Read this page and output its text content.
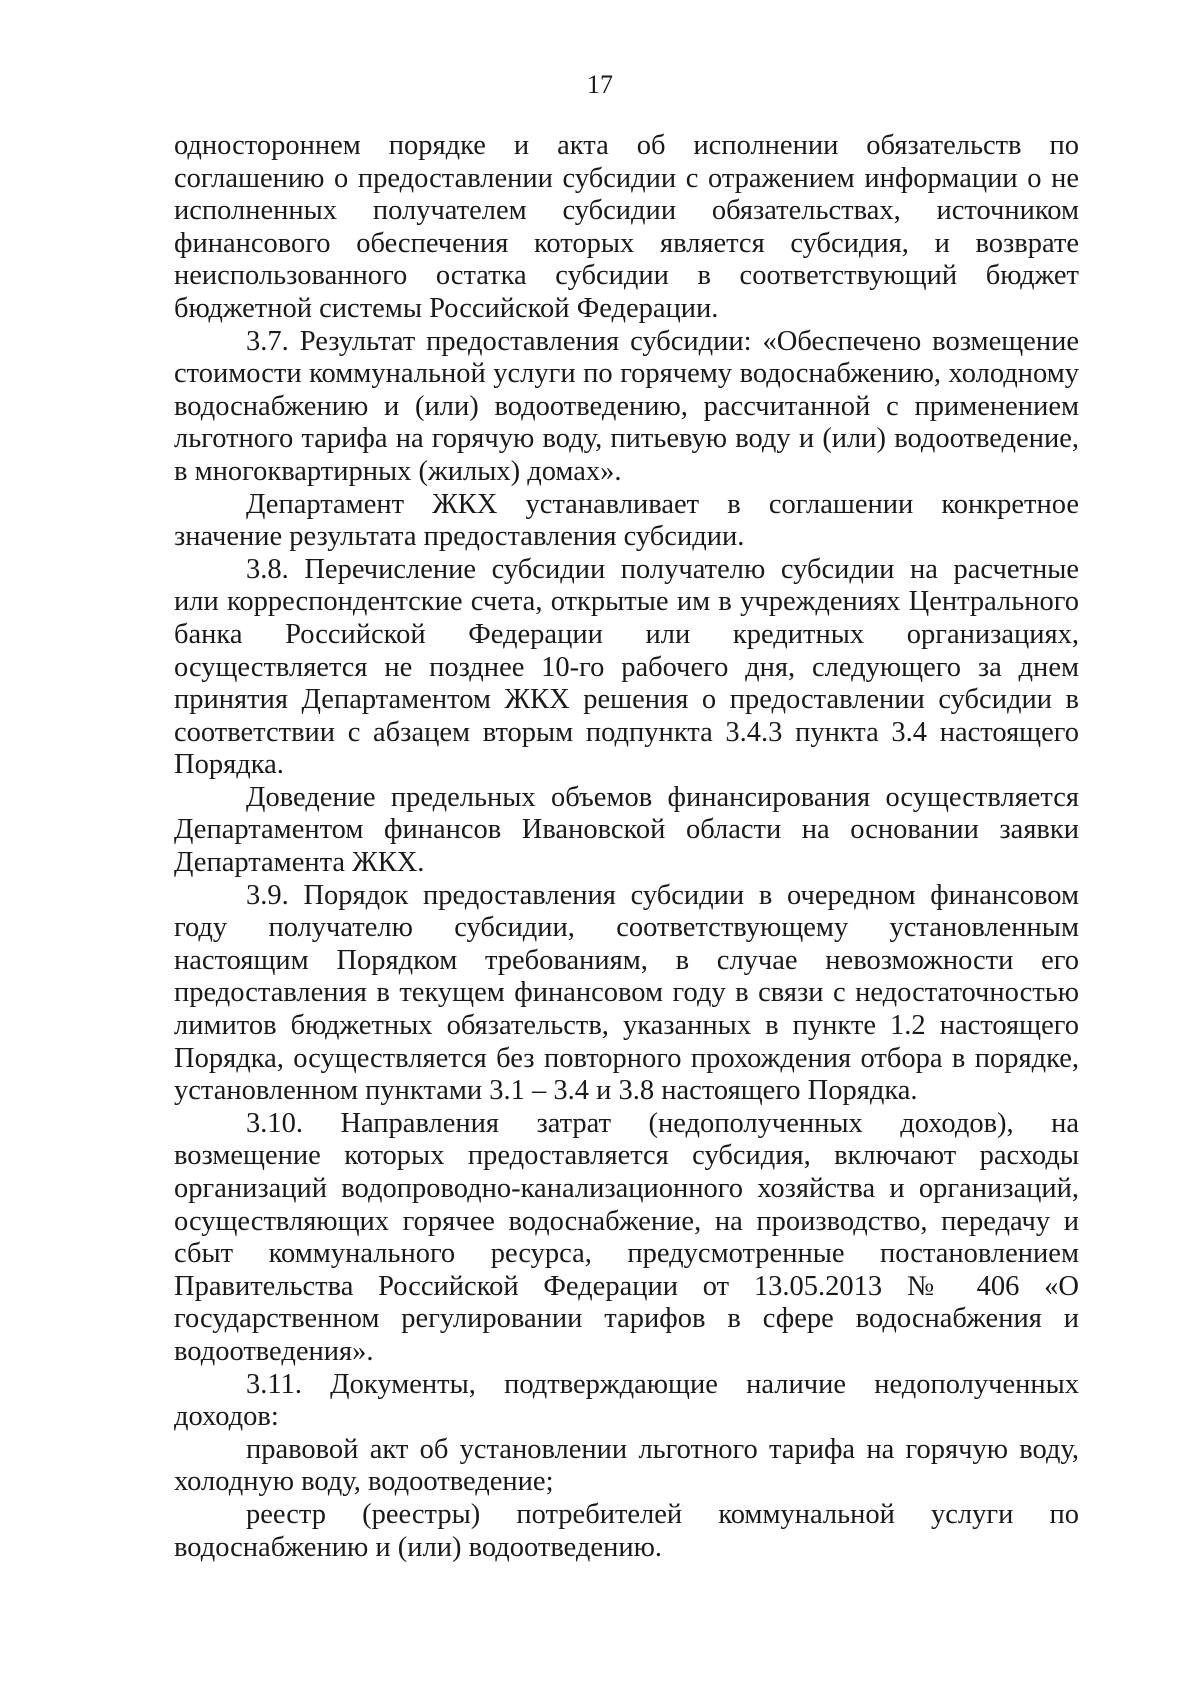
17

одностороннем порядке и акта об исполнении обязательств по соглашению о предоставлении субсидии с отражением информации о не исполненных получателем субсидии обязательствах, источником финансового обеспечения которых является субсидия, и возврате неиспользованного остатка субсидии в соответствующий бюджет бюджетной системы Российской Федерации.

3.7. Результат предоставления субсидии: «Обеспечено возмещение стоимости коммунальной услуги по горячему водоснабжению, холодному водоснабжению и (или) водоотведению, рассчитанной с применением льготного тарифа на горячую воду, питьевую воду и (или) водоотведение, в многоквартирных (жилых) домах».

Департамент ЖКХ устанавливает в соглашении конкретное значение результата предоставления субсидии.

3.8. Перечисление субсидии получателю субсидии на расчетные или корреспондентские счета, открытые им в учреждениях Центрального банка Российской Федерации или кредитных организациях, осуществляется не позднее 10-го рабочего дня, следующего за днем принятия Департаментом ЖКХ решения о предоставлении субсидии в соответствии с абзацем вторым подпункта 3.4.3 пункта 3.4 настоящего Порядка.

Доведение предельных объемов финансирования осуществляется Департаментом финансов Ивановской области на основании заявки Департамента ЖКХ.

3.9. Порядок предоставления субсидии в очередном финансовом году получателю субсидии, соответствующему установленным настоящим Порядком требованиям, в случае невозможности его предоставления в текущем финансовом году в связи с недостаточностью лимитов бюджетных обязательств, указанных в пункте 1.2 настоящего Порядка, осуществляется без повторного прохождения отбора в порядке, установленном пунктами 3.1 – 3.4 и 3.8 настоящего Порядка.

3.10. Направления затрат (недополученных доходов), на возмещение которых предоставляется субсидия, включают расходы организаций водопроводно-канализационного хозяйства и организаций, осуществляющих горячее водоснабжение, на производство, передачу и сбыт коммунального ресурса, предусмотренные постановлением Правительства Российской Федерации от 13.05.2013 № 406 «О государственном регулировании тарифов в сфере водоснабжения и водоотведения».

3.11. Документы, подтверждающие наличие недополученных доходов:

правовой акт об установлении льготного тарифа на горячую воду, холодную воду, водоотведение;

реестр (реестры) потребителей коммунальной услуги по водоснабжению и (или) водоотведению.
